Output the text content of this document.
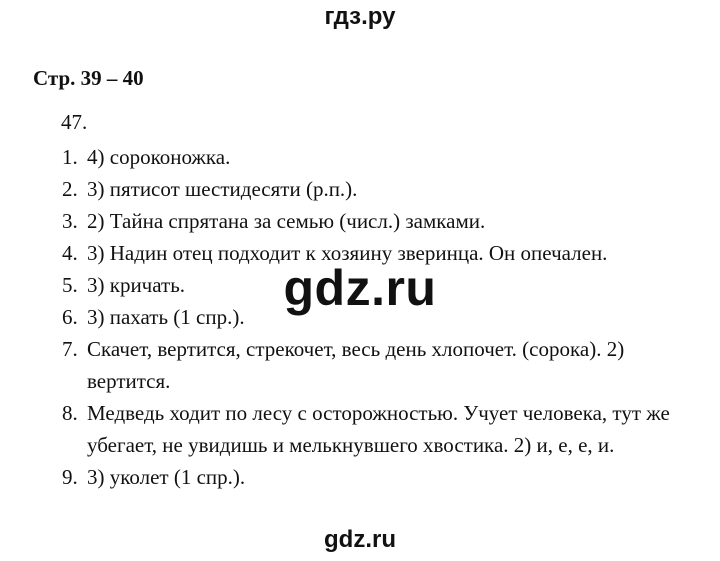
гдз.ру
Стр. 39 – 40
47.
1. 4) сороконожка.
2. 3) пятисот шестидесяти (р.п.).
3. 2) Тайна спрятана за семью (числ.) замками.
4. 3) Надин отец подходит к хозяину зверинца. Он опечален.
5. 3) кричать.
6. 3) пахать (1 спр.).
7. Скачет, вертится, стрекочет, весь день хлопочет. (сорока). 2) вертится.
8. Медведь ходит по лесу с осторожностью. Учует человека, тут же убегает, не увидишь и мелькнувшего хвостика. 2) и, е, е, и.
9. 3) уколет (1 спр.).
gdz.ru
gdz.ru
